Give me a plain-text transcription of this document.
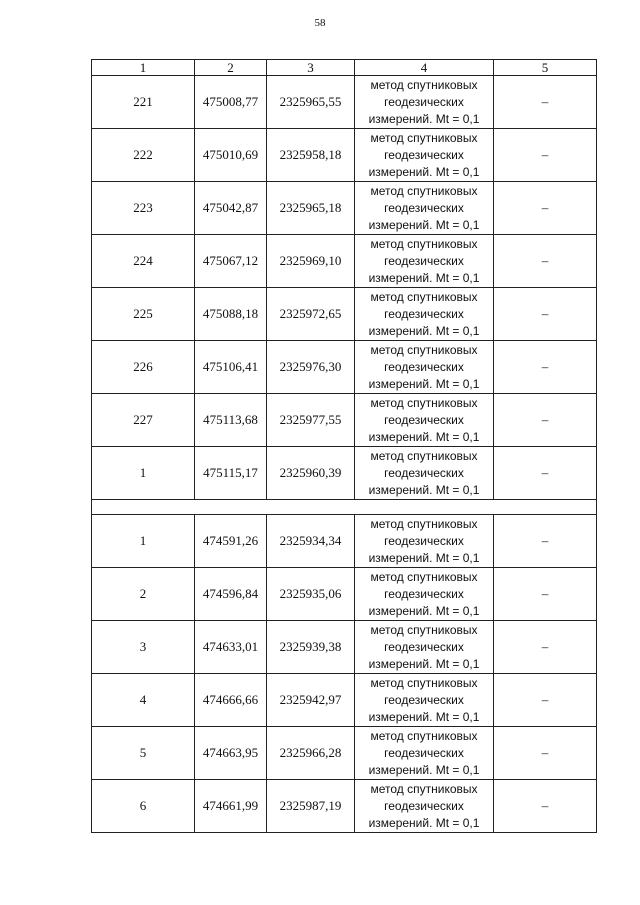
58
1	2	3	4	5
221	475008,77	2325965,55	метод спутниковых
геодезических
измерений. Mt = 0,1	–
222	475010,69	2325958,18	метод спутниковых
геодезических
измерений. Mt = 0,1	–
223	475042,87	2325965,18	метод спутниковых
геодезических
измерений. Mt = 0,1	–
224	475067,12	2325969,10	метод спутниковых
геодезических
измерений. Mt = 0,1	–
225	475088,18	2325972,65	метод спутниковых
геодезических
измерений. Mt = 0,1	–
226	475106,41	2325976,30	метод спутниковых
геодезических
измерений. Mt = 0,1	–
227	475113,68	2325977,55	метод спутниковых
геодезических
измерений. Mt = 0,1	–
1	475115,17	2325960,39	метод спутниковых
геодезических
измерений. Mt = 0,1	–

1	474591,26	2325934,34	метод спутниковых
геодезических
измерений. Mt = 0,1	–
2	474596,84	2325935,06	метод спутниковых
геодезических
измерений. Mt = 0,1	–
3	474633,01	2325939,38	метод спутниковых
геодезических
измерений. Mt = 0,1	–
4	474666,66	2325942,97	метод спутниковых
геодезических
измерений. Mt = 0,1	–
5	474663,95	2325966,28	метод спутниковых
геодезических
измерений. Mt = 0,1	–
6	474661,99	2325987,19	метод спутниковых
геодезических
измерений. Mt = 0,1	–
